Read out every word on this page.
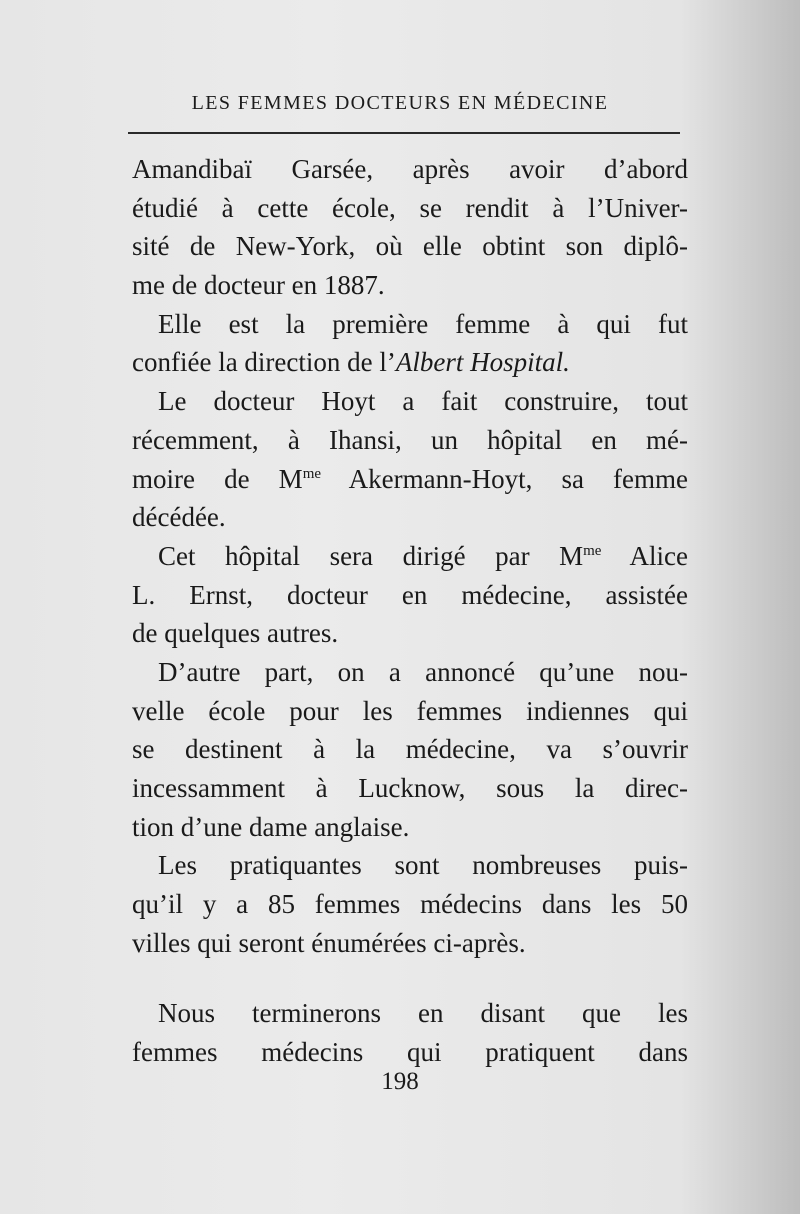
LES FEMMES DOCTEURS EN MÉDECINE
Amandibaï Garsée, après avoir d’abord
étudié à cette école, se rendit à l’Univer-
sité de New-York, où elle obtint son diplô-
me de docteur en 1887.
Elle est la première femme à qui fut
confiée la direction de l’Albert Hospital.
Le docteur Hoyt a fait construire, tout
récemment, à Ihansi, un hôpital en mé-
moire de $M^{me}$ Akermann-Hoyt, sa femme
décédée.
Cet hôpital sera dirigé par $M^{me}$ Alice
L. Ernst, docteur en médecine, assistée
de quelques autres.
D’autre part, on a annoncé qu’une nou-
velle école pour les femmes indiennes qui
se destinent à la médecine, va s’ouvrir
incessamment à Lucknow, sous la direc-
tion d’une dame anglaise.
Les pratiquantes sont nombreuses puis-
qu’il y a 85 femmes médecins dans les 50
villes qui seront énumérées ci-après.
Nous terminerons en disant que les
femmes médecins qui pratiquent dans
198
